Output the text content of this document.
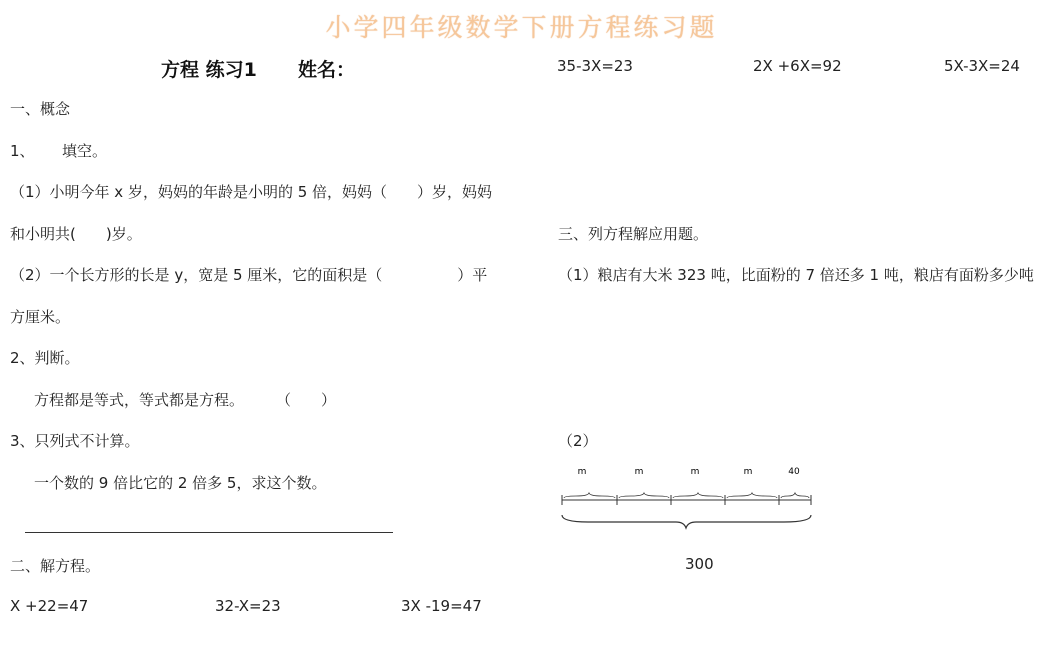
小学四年级数学下册方程练习题
方程 练习1 姓名：	35-3X=23	2X +6X=92	5X-3X=24
一、概念
1、 填空。
（1）小明今年 x 岁，妈妈的年龄是小明的 5 倍，妈妈（　　）岁，妈妈
和小明共(　　)岁。
（2）一个长方形的长是 y，宽是 5 厘米，它的面积是（　　　　　）平
方厘米。
2、判断。
方程都是等式，等式都是方程。 （　　）
3、只列式不计算。
一个数的 9 倍比它的 2 倍多 5，求这个数。
二、解方程。
X +22=47	32-X=23	3X -19=47
三、列方程解应用题。
（1）粮店有大米 323 吨，比面粉的 7 倍还多 1 吨，粮店有面粉多少吨
（2）
m	m	m	m	40
300
